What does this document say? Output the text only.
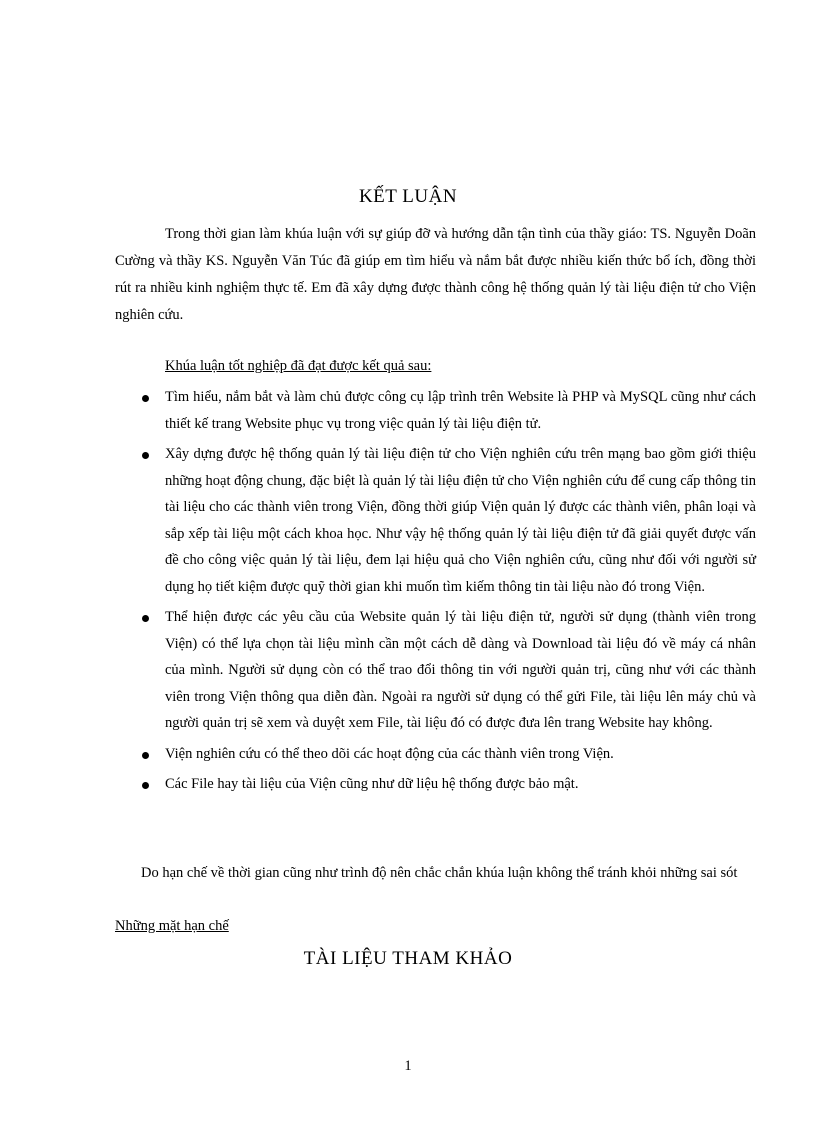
KẾT LUẬN

Trong thời gian làm khúa luận với sự giúp đỡ và hướng dẫn tận tình của thầy giáo: TS. Nguyễn Doãn Cường và thầy KS. Nguyễn Văn Túc đã giúp em tìm hiểu và nắm bắt được nhiều kiến thức bổ ích, đồng thời rút ra nhiều kinh nghiệm thực tế. Em đã xây dựng được thành công hệ thống quản lý tài liệu điện tử cho Viện nghiên cứu.

Khúa luận tốt nghiệp đã đạt được kết quả sau:

Tìm hiểu, nắm bắt và làm chủ được công cụ lập trình trên Website là PHP và MySQL cũng như cách thiết kế trang Website phục vụ trong việc quản lý tài liệu điện tử.
Xây dựng được hệ thống quản lý tài liệu điện tử cho Viện nghiên cứu trên mạng bao gồm giới thiệu những hoạt động chung, đặc biệt là quản lý tài liệu điện tử cho Viện nghiên cứu để cung cấp thông tin tài liệu cho các thành viên trong Viện, đồng thời giúp Viện quản lý được các thành viên, phân loại và sắp xếp tài liệu một cách khoa học. Như vậy hệ thống quản lý tài liệu điện tử đã giải quyết được vấn đề cho công việc quản lý tài liệu, đem lại hiệu quả cho Viện nghiên cứu, cũng như đối với người sử dụng họ tiết kiệm được quỹ thời gian khi muốn tìm kiếm thông tin tài liệu nào đó trong Viện.
Thể hiện được các yêu cầu của Website quản lý tài liệu điện tử, người sử dụng (thành viên trong Viện) có thể lựa chọn tài liệu mình cần một cách dễ dàng và Download tài liệu đó về máy cá nhân của mình. Người sử dụng còn có thể trao đổi thông tin với người quản trị, cũng như với các thành viên trong Viện thông qua diễn đàn. Ngoài ra người sử dụng có thể gửi File, tài liệu lên máy chủ và người quản trị sẽ xem và duyệt xem File, tài liệu đó có được đưa lên trang Website hay không.
Viện nghiên cứu có thể theo dõi các hoạt động của các thành viên trong Viện.
Các File hay tài liệu của Viện cũng như dữ liệu hệ thống được bảo mật.

Do hạn chế về thời gian cũng như trình độ nên chắc chắn khúa luận không thể tránh khỏi những sai sót

Những mặt hạn chế

TÀI LIỆU THAM KHẢO
1
